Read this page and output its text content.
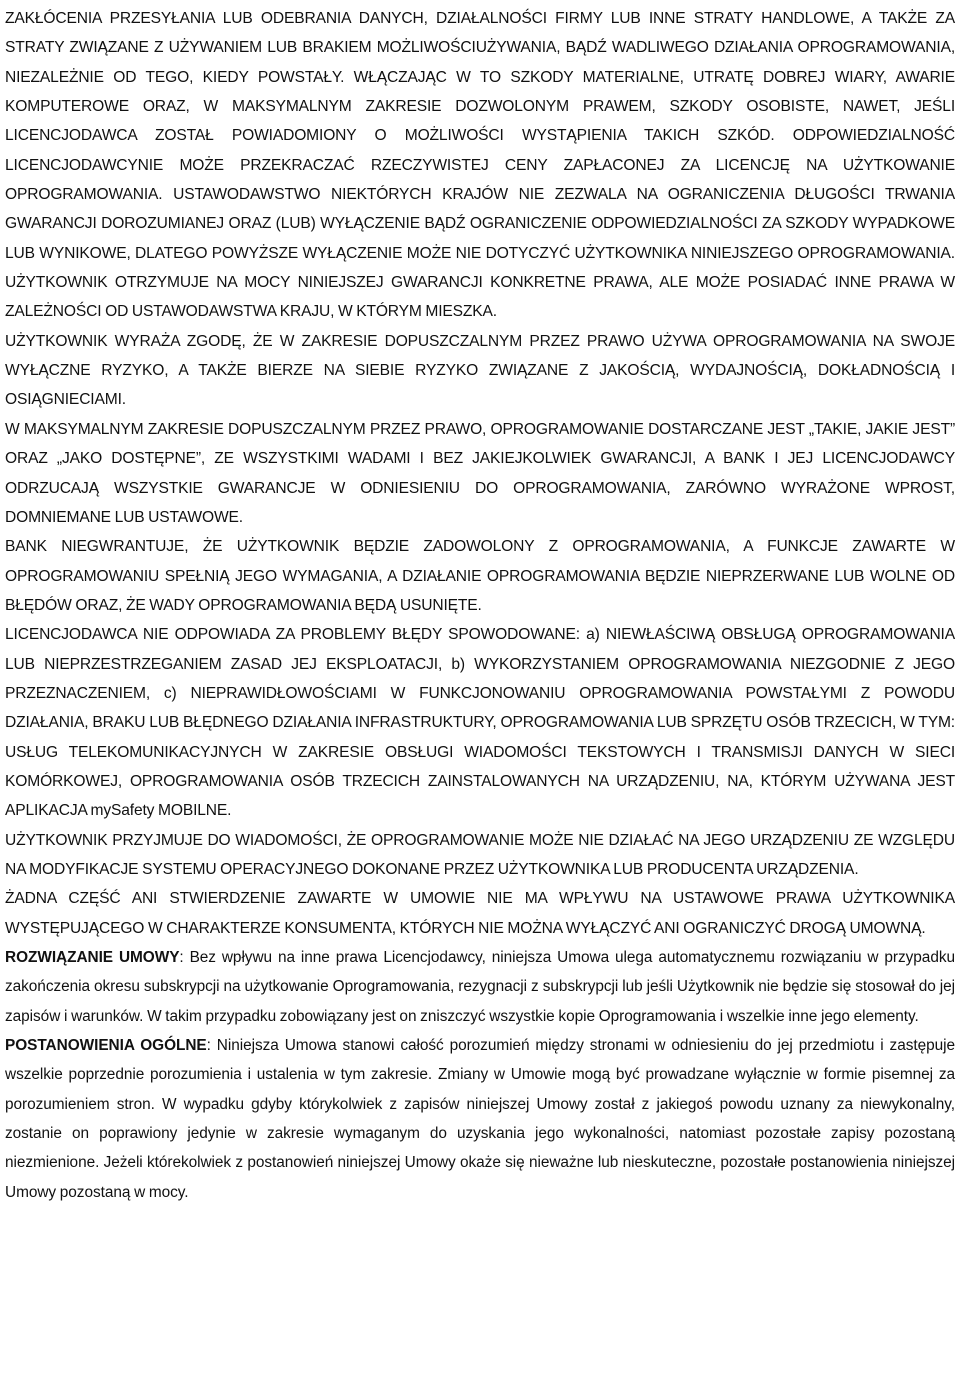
ZAKŁÓCENIA PRZESYŁANIA LUB ODEBRANIA DANYCH, DZIAŁALNOŚCI FIRMY LUB INNE STRATY HANDLOWE, A TAKŻE ZA STRATY ZWIĄZANE Z UŻYWANIEM LUB BRAKIEM MOŻLIWOŚCIUŻYWANIA, BĄDŹ WADLIWEGO DZIAŁANIA OPROGRAMOWANIA, NIEZALEŻNIE OD TEGO, KIEDY POWSTAŁY. WŁĄCZAJĄC W TO SZKODY MATERIALNE, UTRATĘ DOBREJ WIARY, AWARIE KOMPUTEROWE ORAZ, W MAKSYMALNYM ZAKRESIE DOZWOLONYM PRAWEM, SZKODY OSOBISTE, NAWET, JEŚLI LICENCJODAWCA ZOSTAŁ POWIADOMIONY O MOŻLIWOŚCI WYSTĄPIENIA TAKICH SZKÓD. ODPOWIEDZIALNOŚĆ LICENCJODAWCYNIE MOŻE PRZEKRACZAĆ RZECZYWISTEJ CENY ZAPŁACONEJ ZA LICENCJĘ NA UŻYTKOWANIE OPROGRAMOWANIA. USTAWODAWSTWO NIEKTÓRYCH KRAJÓW NIE ZEZWALA NA OGRANICZENIA DŁUGOŚCI TRWANIA GWARANCJI DOROZUMIANEJ ORAZ (LUB) WYŁĄCZENIE BĄDŹ OGRANICZENIE ODPOWIEDZIALNOŚCI ZA SZKODY WYPADKOWE LUB WYNIKOWE, DLATEGO POWYŻSZE WYŁĄCZENIE MOŻE NIE DOTYCZYĆ UŻYTKOWNIKA NINIEJSZEGO OPROGRAMOWANIA. UŻYTKOWNIK OTRZYMUJE NA MOCY NINIEJSZEJ GWARANCJI KONKRETNE PRAWA, ALE MOŻE POSIADAĆ INNE PRAWA W ZALEŻNOŚCI OD USTAWODAWSTWA KRAJU, W KTÓRYM MIESZKA.

UŻYTKOWNIK WYRAŻA ZGODĘ, ŻE W ZAKRESIE DOPUSZCZALNYM PRZEZ PRAWO UŻYWA OPROGRAMOWANIA NA SWOJE WYŁĄCZNE RYZYKO, A TAKŻE BIERZE NA SIEBIE RYZYKO ZWIĄZANE Z JAKOŚCIĄ, WYDAJNOŚCIĄ, DOKŁADNOŚCIĄ I OSIĄGNIECIAMI.

W MAKSYMALNYM ZAKRESIE DOPUSZCZALNYM PRZEZ PRAWO, OPROGRAMOWANIE DOSTARCZANE JEST „TAKIE, JAKIE JEST” ORAZ „JAKO DOSTĘPNE”, ZE WSZYSTKIMI WADAMI I BEZ JAKIEJKOLWIEK GWARANCJI, A BANK I JEJ LICENCJODAWCY ODRZUCAJĄ WSZYSTKIE GWARANCJE W ODNIESIENIU DO OPROGRAMOWANIA, ZARÓWNO WYRAŻONE WPROST, DOMNIEMANE LUB USTAWOWE.

BANK NIEGWRANTUJE, ŻE UŻYTKOWNIK BĘDZIE ZADOWOLONY Z OPROGRAMOWANIA, A FUNKCJE ZAWARTE W OPROGRAMOWANIU SPEŁNIĄ JEGO WYMAGANIA, A DZIAŁANIE OPROGRAMOWANIA BĘDZIE NIEPRZERWANE LUB WOLNE OD BŁĘDÓW ORAZ, ŻE WADY OPROGRAMOWANIA BĘDĄ USUNIĘTE.

LICENCJODAWCA NIE ODPOWIADA ZA PROBLEMY BŁĘDY SPOWODOWANE: a) NIEWŁAŚCIWĄ OBSŁUGĄ OPROGRAMOWANIA LUB NIEPRZESTRZEGANIEM ZASAD JEJ EKSPLOATACJI, b) WYKORZYSTANIEM OPROGRAMOWANIA NIEZGODNIE Z JEGO PRZEZNACZENIEM, c) NIEPRAWIDŁOWOŚCIAMI W FUNKCJONOWANIU OPROGRAMOWANIA POWSTAŁYMI Z POWODU DZIAŁANIA, BRAKU LUB BŁĘDNEGO DZIAŁANIA INFRASTRUKTURY, OPROGRAMOWANIA LUB SPRZĘTU OSÓB TRZECICH, W TYM: USŁUG TELEKOMUNIKACYJNYCH W ZAKRESIE OBSŁUGI WIADOMOŚCI TEKSTOWYCH I TRANSMISJI DANYCH W SIECI KOMÓRKOWEJ, OPROGRAMOWANIA OSÓB TRZECICH ZAINSTALOWANYCH NA URZĄDZENIU, NA, KTÓRYM UŻYWANA JEST APLIKACJA mySafety MOBILNE.

UŻYTKOWNIK PRZYJMUJE DO WIADOMOŚCI, ŻE OPROGRAMOWANIE MOŻE NIE DZIAŁAĆ NA JEGO URZĄDZENIU ZE WZGLĘDU NA MODYFIKACJE SYSTEMU OPERACYJNEGO DOKONANE PRZEZ UŻYTKOWNIKA LUB PRODUCENTA URZĄDZENIA.

ŻADNA CZĘŚĆ ANI STWIERDZENIE ZAWARTE W UMOWIE NIE MA WPŁYWU NA USTAWOWE PRAWA UŻYTKOWNIKA WYSTĘPUJĄCEGO W CHARAKTERZE KONSUMENTA, KTÓRYCH NIE MOŻNA WYŁĄCZYĆ ANI OGRANICZYĆ DROGĄ UMOWNĄ.

ROZWIĄZANIE UMOWY: Bez wpływu na inne prawa Licencjodawcy, niniejsza Umowa ulega automatycznemu rozwiązaniu w przypadku zakończenia okresu subskrypcji na użytkowanie Oprogramowania, rezygnacji z subskrypcji lub jeśli Użytkownik nie będzie się stosował do jej zapisów i warunków. W takim przypadku zobowiązany jest on zniszczyć wszystkie kopie Oprogramowania i wszelkie inne jego elementy.

POSTANOWIENIA OGÓLNE: Niniejsza Umowa stanowi całość porozumień między stronami w odniesieniu do jej przedmiotu i zastępuje wszelkie poprzednie porozumienia i ustalenia w tym zakresie. Zmiany w Umowie mogą być prowadzane wyłącznie w formie pisemnej za porozumieniem stron. W wypadku gdyby którykolwiek z zapisów niniejszej Umowy został z jakiegoś powodu uznany za niewykonalny, zostanie on poprawiony jedynie w zakresie wymaganym do uzyskania jego wykonalności, natomiast pozostałe zapisy pozostaną niezmienione. Jeżeli którekolwiek z postanowień niniejszej Umowy okaże się nieważne lub nieskuteczne, pozostałe postanowienia niniejszej Umowy pozostaną w mocy.
